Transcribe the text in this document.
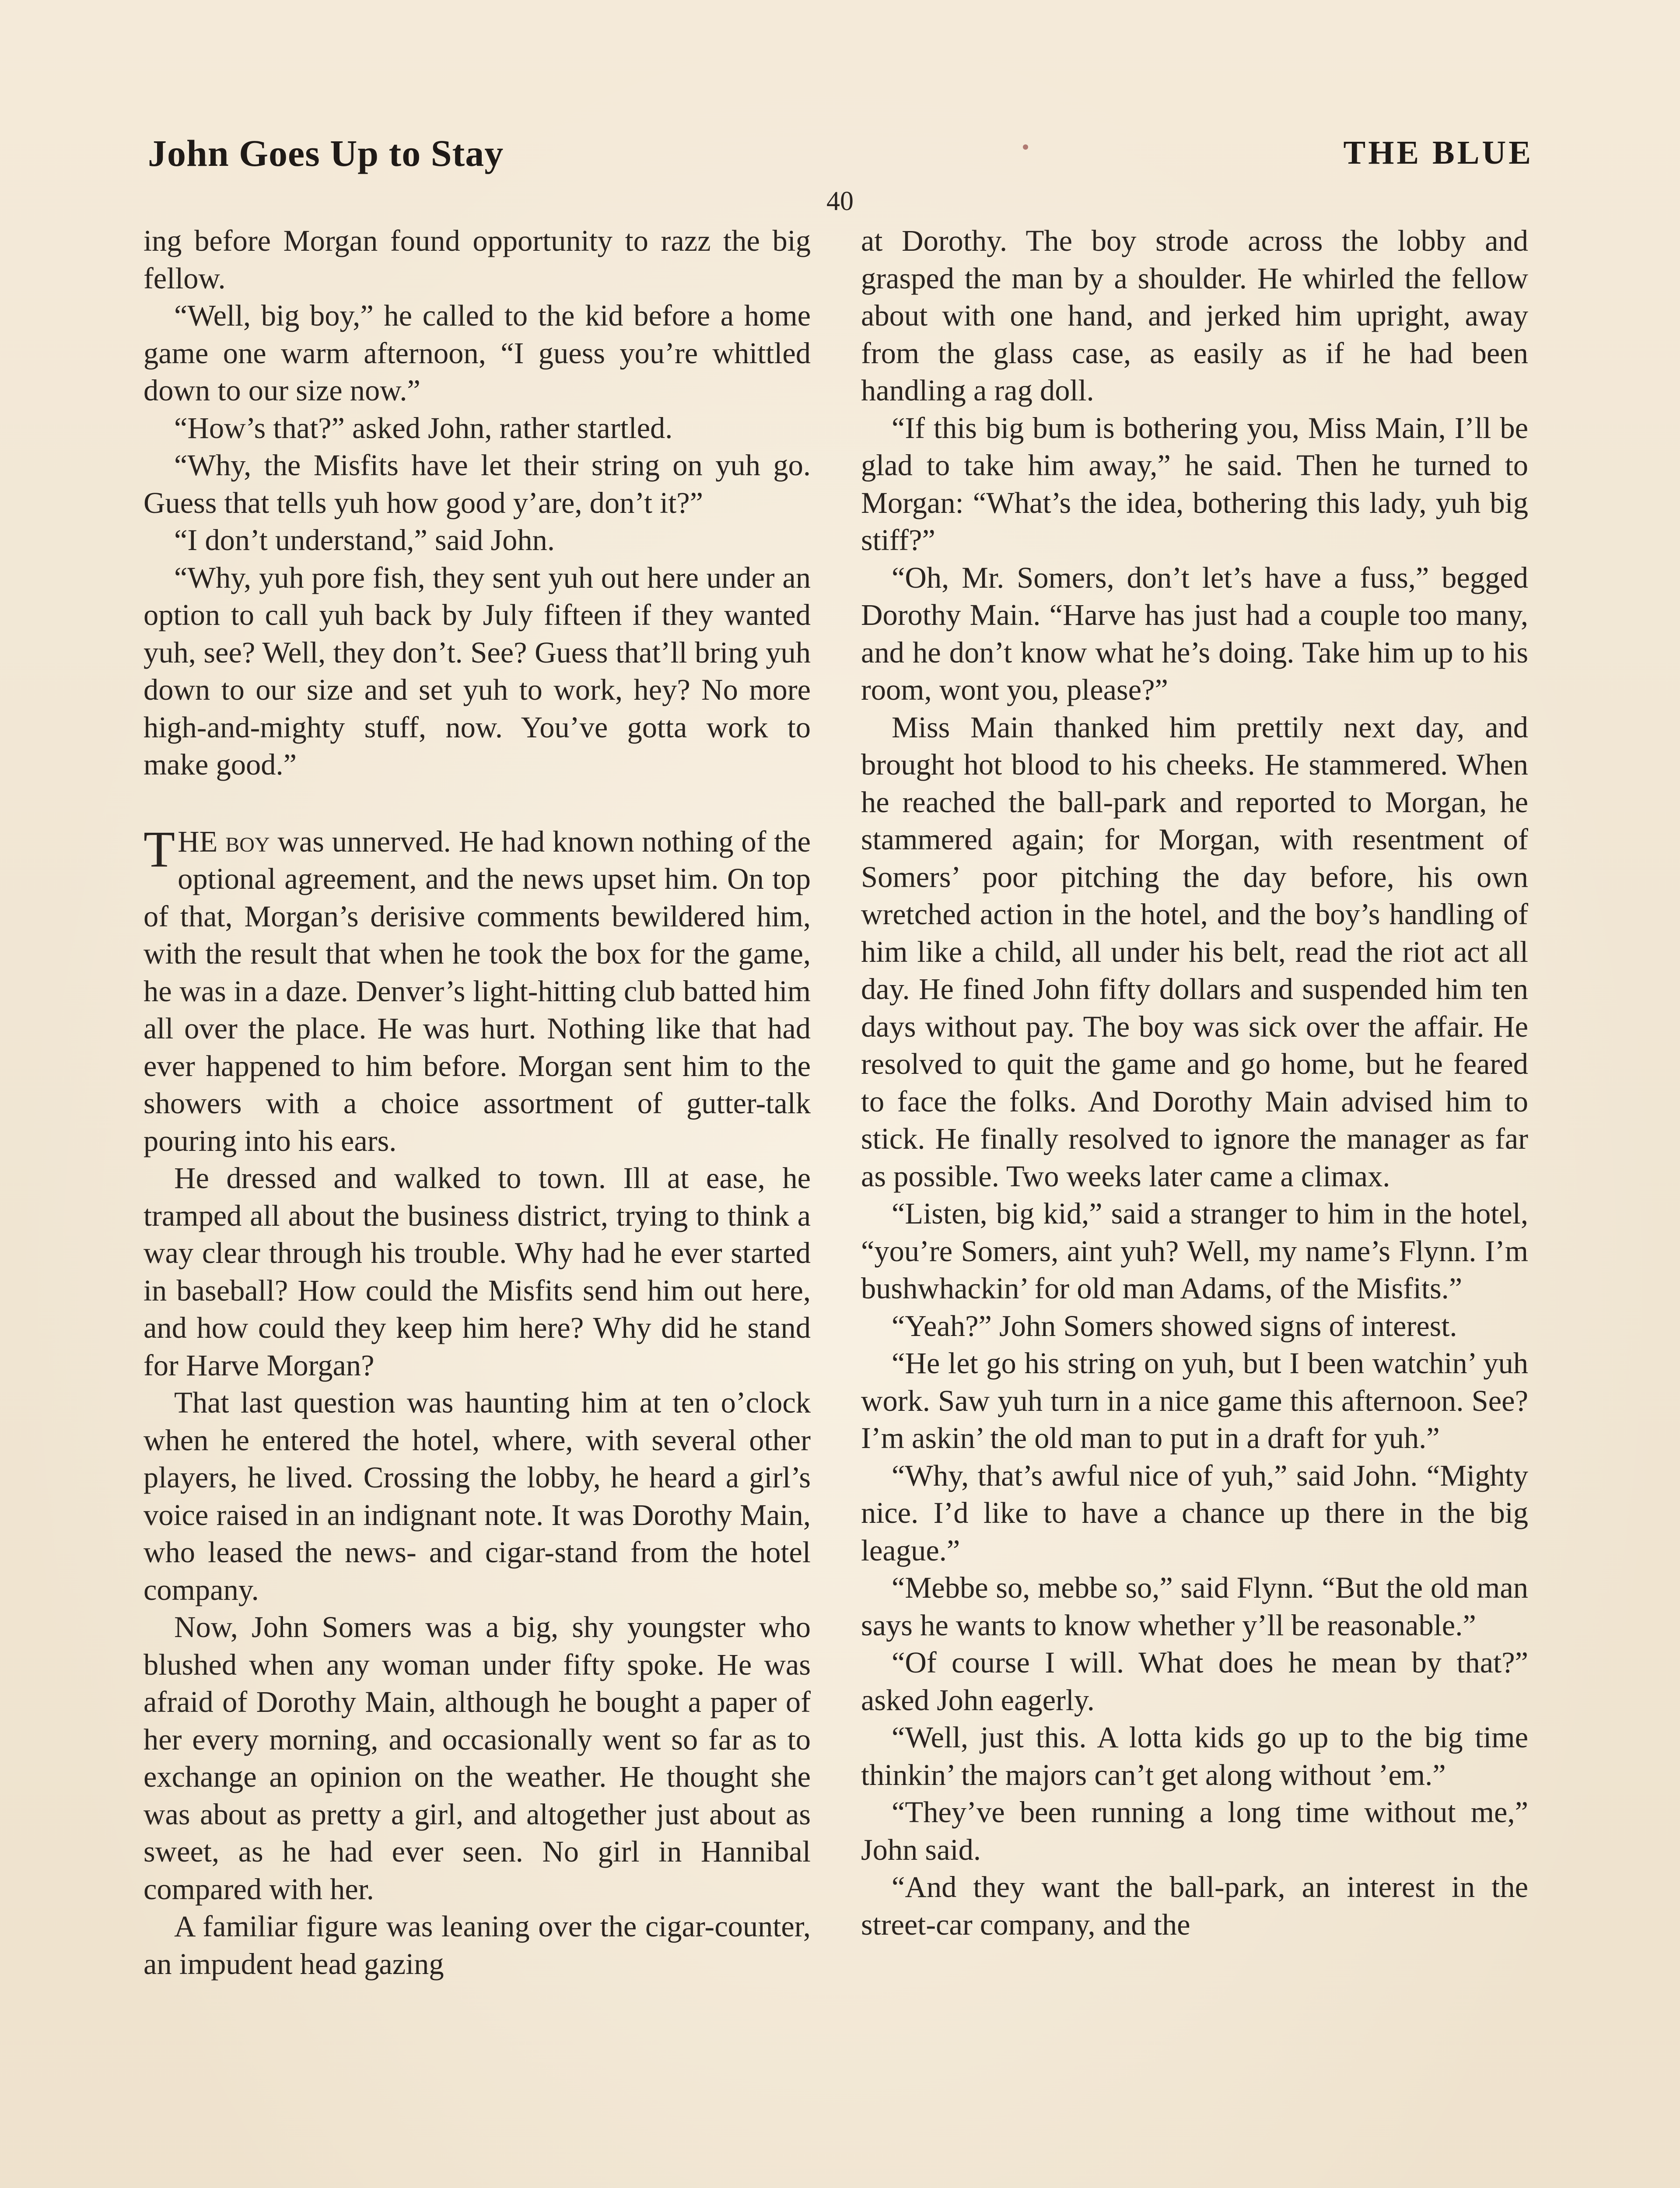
John Goes Up to Stay	THE BLUE
40

ing before Morgan found opportunity to razz the big fellow.

“Well, big boy,” he called to the kid before a home game one warm afternoon, “I guess you’re whittled down to our size now.”

“How’s that?” asked John, rather startled.

“Why, the Misfits have let their string on yuh go. Guess that tells yuh how good y’are, don’t it?”

“I don’t understand,” said John.

“Why, yuh pore fish, they sent yuh out here under an option to call yuh back by July fifteen if they wanted yuh, see? Well, they don’t. See? Guess that’ll bring yuh down to our size and set yuh to work, hey? No more high-and-mighty stuff, now. You’ve gotta work to make good.”

THE boy was unnerved. He had known nothing of the optional agreement, and the news upset him. On top of that, Morgan’s derisive comments bewildered him, with the result that when he took the box for the game, he was in a daze. Denver’s light-hitting club batted him all over the place. He was hurt. Nothing like that had ever happened to him before. Morgan sent him to the showers with a choice assortment of gutter-talk pouring into his ears.

He dressed and walked to town. Ill at ease, he tramped all about the business district, trying to think a way clear through his trouble. Why had he ever started in baseball? How could the Misfits send him out here, and how could they keep him here? Why did he stand for Harve Morgan?

That last question was haunting him at ten o’clock when he entered the hotel, where, with several other players, he lived. Crossing the lobby, he heard a girl’s voice raised in an indignant note. It was Dorothy Main, who leased the news- and cigar-stand from the hotel company.

Now, John Somers was a big, shy youngster who blushed when any woman under fifty spoke. He was afraid of Dorothy Main, although he bought a paper of her every morning, and occasionally went so far as to exchange an opinion on the weather. He thought she was about as pretty a girl, and altogether just about as sweet, as he had ever seen. No girl in Hannibal compared with her.

A familiar figure was leaning over the cigar-counter, an impudent head gazing

at Dorothy. The boy strode across the lobby and grasped the man by a shoulder. He whirled the fellow about with one hand, and jerked him upright, away from the glass case, as easily as if he had been handling a rag doll.

“If this big bum is bothering you, Miss Main, I’ll be glad to take him away,” he said. Then he turned to Morgan: “What’s the idea, bothering this lady, yuh big stiff?”

“Oh, Mr. Somers, don’t let’s have a fuss,” begged Dorothy Main. “Harve has just had a couple too many, and he don’t know what he’s doing. Take him up to his room, wont you, please?”

Miss Main thanked him prettily next day, and brought hot blood to his cheeks. He stammered. When he reached the ball-park and reported to Morgan, he stammered again; for Morgan, with resentment of Somers’ poor pitching the day before, his own wretched action in the hotel, and the boy’s handling of him like a child, all under his belt, read the riot act all day. He fined John fifty dollars and suspended him ten days without pay. The boy was sick over the affair. He resolved to quit the game and go home, but he feared to face the folks. And Dorothy Main advised him to stick. He finally resolved to ignore the manager as far as possible. Two weeks later came a climax.

“Listen, big kid,” said a stranger to him in the hotel, “you’re Somers, aint yuh? Well, my name’s Flynn. I’m bushwhackin’ for old man Adams, of the Misfits.”

“Yeah?” John Somers showed signs of interest.

“He let go his string on yuh, but I been watchin’ yuh work. Saw yuh turn in a nice game this afternoon. See? I’m askin’ the old man to put in a draft for yuh.”

“Why, that’s awful nice of yuh,” said John. “Mighty nice. I’d like to have a chance up there in the big league.”

“Mebbe so, mebbe so,” said Flynn. “But the old man says he wants to know whether y’ll be reasonable.”

“Of course I will. What does he mean by that?” asked John eagerly.

“Well, just this. A lotta kids go up to the big time thinkin’ the majors can’t get along without ’em.”

“They’ve been running a long time without me,” John said.

“And they want the ball-park, an interest in the street-car company, and the
